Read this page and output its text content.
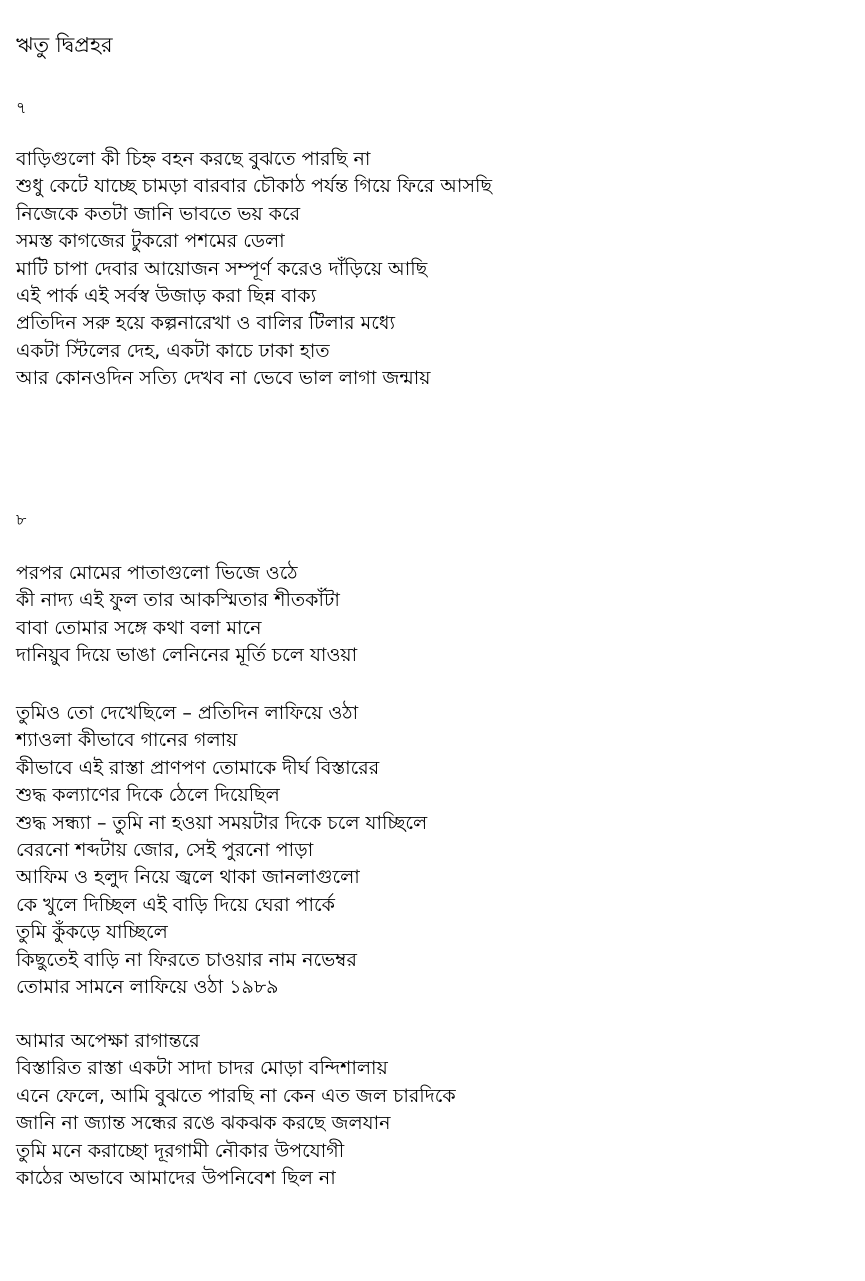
ঋতু দ্বিপ্রহর
৭
বাড়িগুলো কী চিহ্ন বহন করছে বুঝতে পারছি না
শুধু কেটে যাচ্ছে চামড়া বারবার চৌকাঠ পর্যন্ত গিয়ে ফিরে আসছি
নিজেকে কতটা জানি ভাবতে ভয় করে
সমস্ত কাগজের টুকরো পশমের ডেলা
মাটি চাপা দেবার আয়োজন সম্পূর্ণ করেও দাঁড়িয়ে আছি
এই পার্ক এই সর্বস্ব উজাড় করা ছিন্ন বাক্য
প্রতিদিন সরু হয়ে কল্পনারেখা ও বালির টিলার মধ্যে
একটা স্টিলের দেহ, একটা কাচে ঢাকা হাত
আর কোনওদিন সত্যি দেখব না ভেবে ভাল লাগা জন্মায়
৮
পরপর মোমের পাতাগুলো ভিজে ওঠে
কী নাদ্য এই ফুল তার আকস্মিতার শীতকাঁটা
বাবা তোমার সঙ্গে কথা বলা মানে
দানিয়ুব দিয়ে ভাঙা লেনিনের মূর্তি চলে যাওয়া
তুমিও তো দেখেছিলে – প্রতিদিন লাফিয়ে ওঠা
শ্যাওলা কীভাবে গানের গলায়
কীভাবে এই রাস্তা প্রাণপণ তোমাকে দীর্ঘ বিস্তারের
শুদ্ধ কল্যাণের দিকে ঠেলে দিয়েছিল
শুদ্ধ সন্ধ্যা – তুমি না হওয়া সময়টার দিকে চলে যাচ্ছিলে
বেরনো শব্দটায় জোর, সেই পুরনো পাড়া
আফিম ও হলুদ নিয়ে জ্বলে থাকা জানলাগুলো
কে খুলে দিচ্ছিল এই বাড়ি দিয়ে ঘেরা পার্কে
তুমি কুঁকড়ে যাচ্ছিলে
কিছুতেই বাড়ি না ফিরতে চাওয়ার নাম নভেম্বর
তোমার সামনে লাফিয়ে ওঠা ১৯৮৯
আমার অপেক্ষা রাগান্তরে
বিস্তারিত রাস্তা একটা সাদা চাদর মোড়া বন্দিশালায়
এনে ফেলে, আমি বুঝতে পারছি না কেন এত জল চারদিকে
জানি না জ্যান্ত সন্ধের রঙে ঝকঝক করছে জলযান
তুমি মনে করাচ্ছো দূরগামী নৌকার উপযোগী
কাঠের অভাবে আমাদের উপনিবেশ ছিল না
